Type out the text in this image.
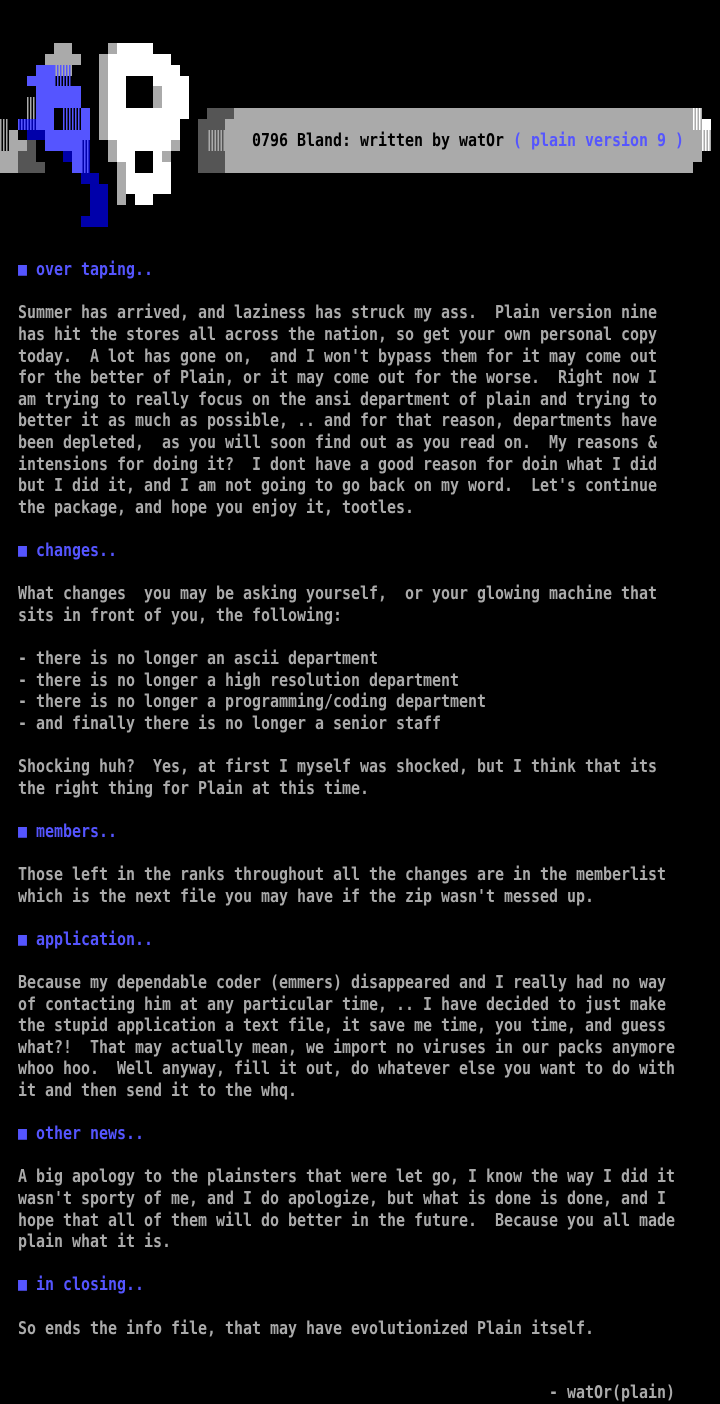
0796 Bland: written by watOr ( plain version 9 )
■ over taping..
Summer has arrived, and laziness has struck my ass.  Plain version nine
has hit the stores all across the nation, so get your own personal copy
today.  A lot has gone on,  and I won't bypass them for it may come out
for the better of Plain, or it may come out for the worse.  Right now I
am trying to really focus on the ansi department of plain and trying to
better it as much as possible, .. and for that reason, departments have
been depleted,  as you will soon find out as you read on.  My reasons &
intensions for doing it?  I dont have a good reason for doin what I did
but I did it, and I am not going to go back on my word.  Let's continue
the package, and hope you enjoy it, tootles.
■ changes..
What changes  you may be asking yourself,  or your glowing machine that
sits in front of you, the following:
- there is no longer an ascii department
- there is no longer a high resolution department
- there is no longer a programming/coding department
- and finally there is no longer a senior staff
Shocking huh?  Yes, at first I myself was shocked, but I think that its
the right thing for Plain at this time.
■ members..
Those left in the ranks throughout all the changes are in the memberlist
which is the next file you may have if the zip wasn't messed up.
■ application..
Because my dependable coder (emmers) disappeared and I really had no way
of contacting him at any particular time, .. I have decided to just make
the stupid application a text file, it save me time, you time, and guess
what?!  That may actually mean, we import no viruses in our packs anymore
whoo hoo.  Well anyway, fill it out, do whatever else you want to do with
it and then send it to the whq.
■ other news..
A big apology to the plainsters that were let go, I know the way I did it
wasn't sporty of me, and I do apologize, but what is done is done, and I
hope that all of them will do better in the future.  Because you all made
plain what it is.
■ in closing..
So ends the info file, that may have evolutionized Plain itself.
- watOr(plain)
